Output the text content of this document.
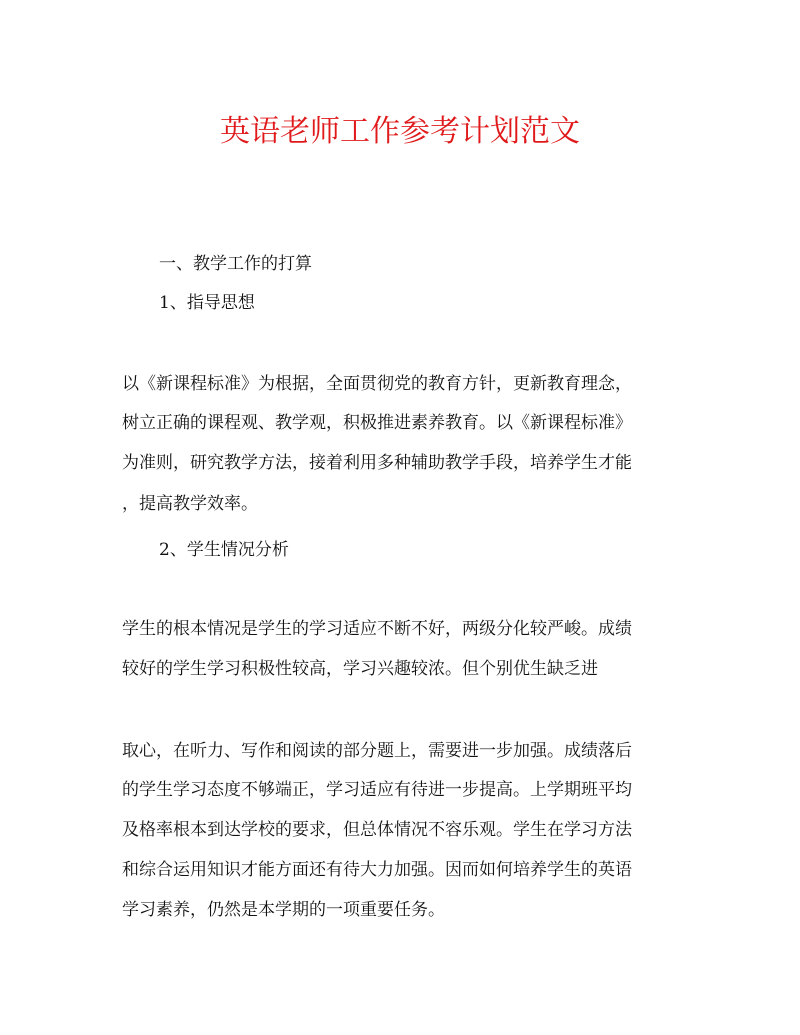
英语老师工作参考计划范文
一、教学工作的打算
1、指导思想
以《新课程标准》为根据，全面贯彻党的教育方针，更新教育理念，
树立正确的课程观、教学观，积极推进素养教育。以《新课程标准》
为准则，研究教学方法，接着利用多种辅助教学手段，培养学生才能
，提高教学效率。
2、学生情况分析
学生的根本情况是学生的学习适应不断不好，两级分化较严峻。成绩
较好的学生学习积极性较高，学习兴趣较浓。但个别优生缺乏进
取心，在听力、写作和阅读的部分题上，需要进一步加强。成绩落后
的学生学习态度不够端正，学习适应有待进一步提高。上学期班平均
及格率根本到达学校的要求，但总体情况不容乐观。学生在学习方法
和综合运用知识才能方面还有待大力加强。因而如何培养学生的英语
学习素养，仍然是本学期的一项重要任务。
